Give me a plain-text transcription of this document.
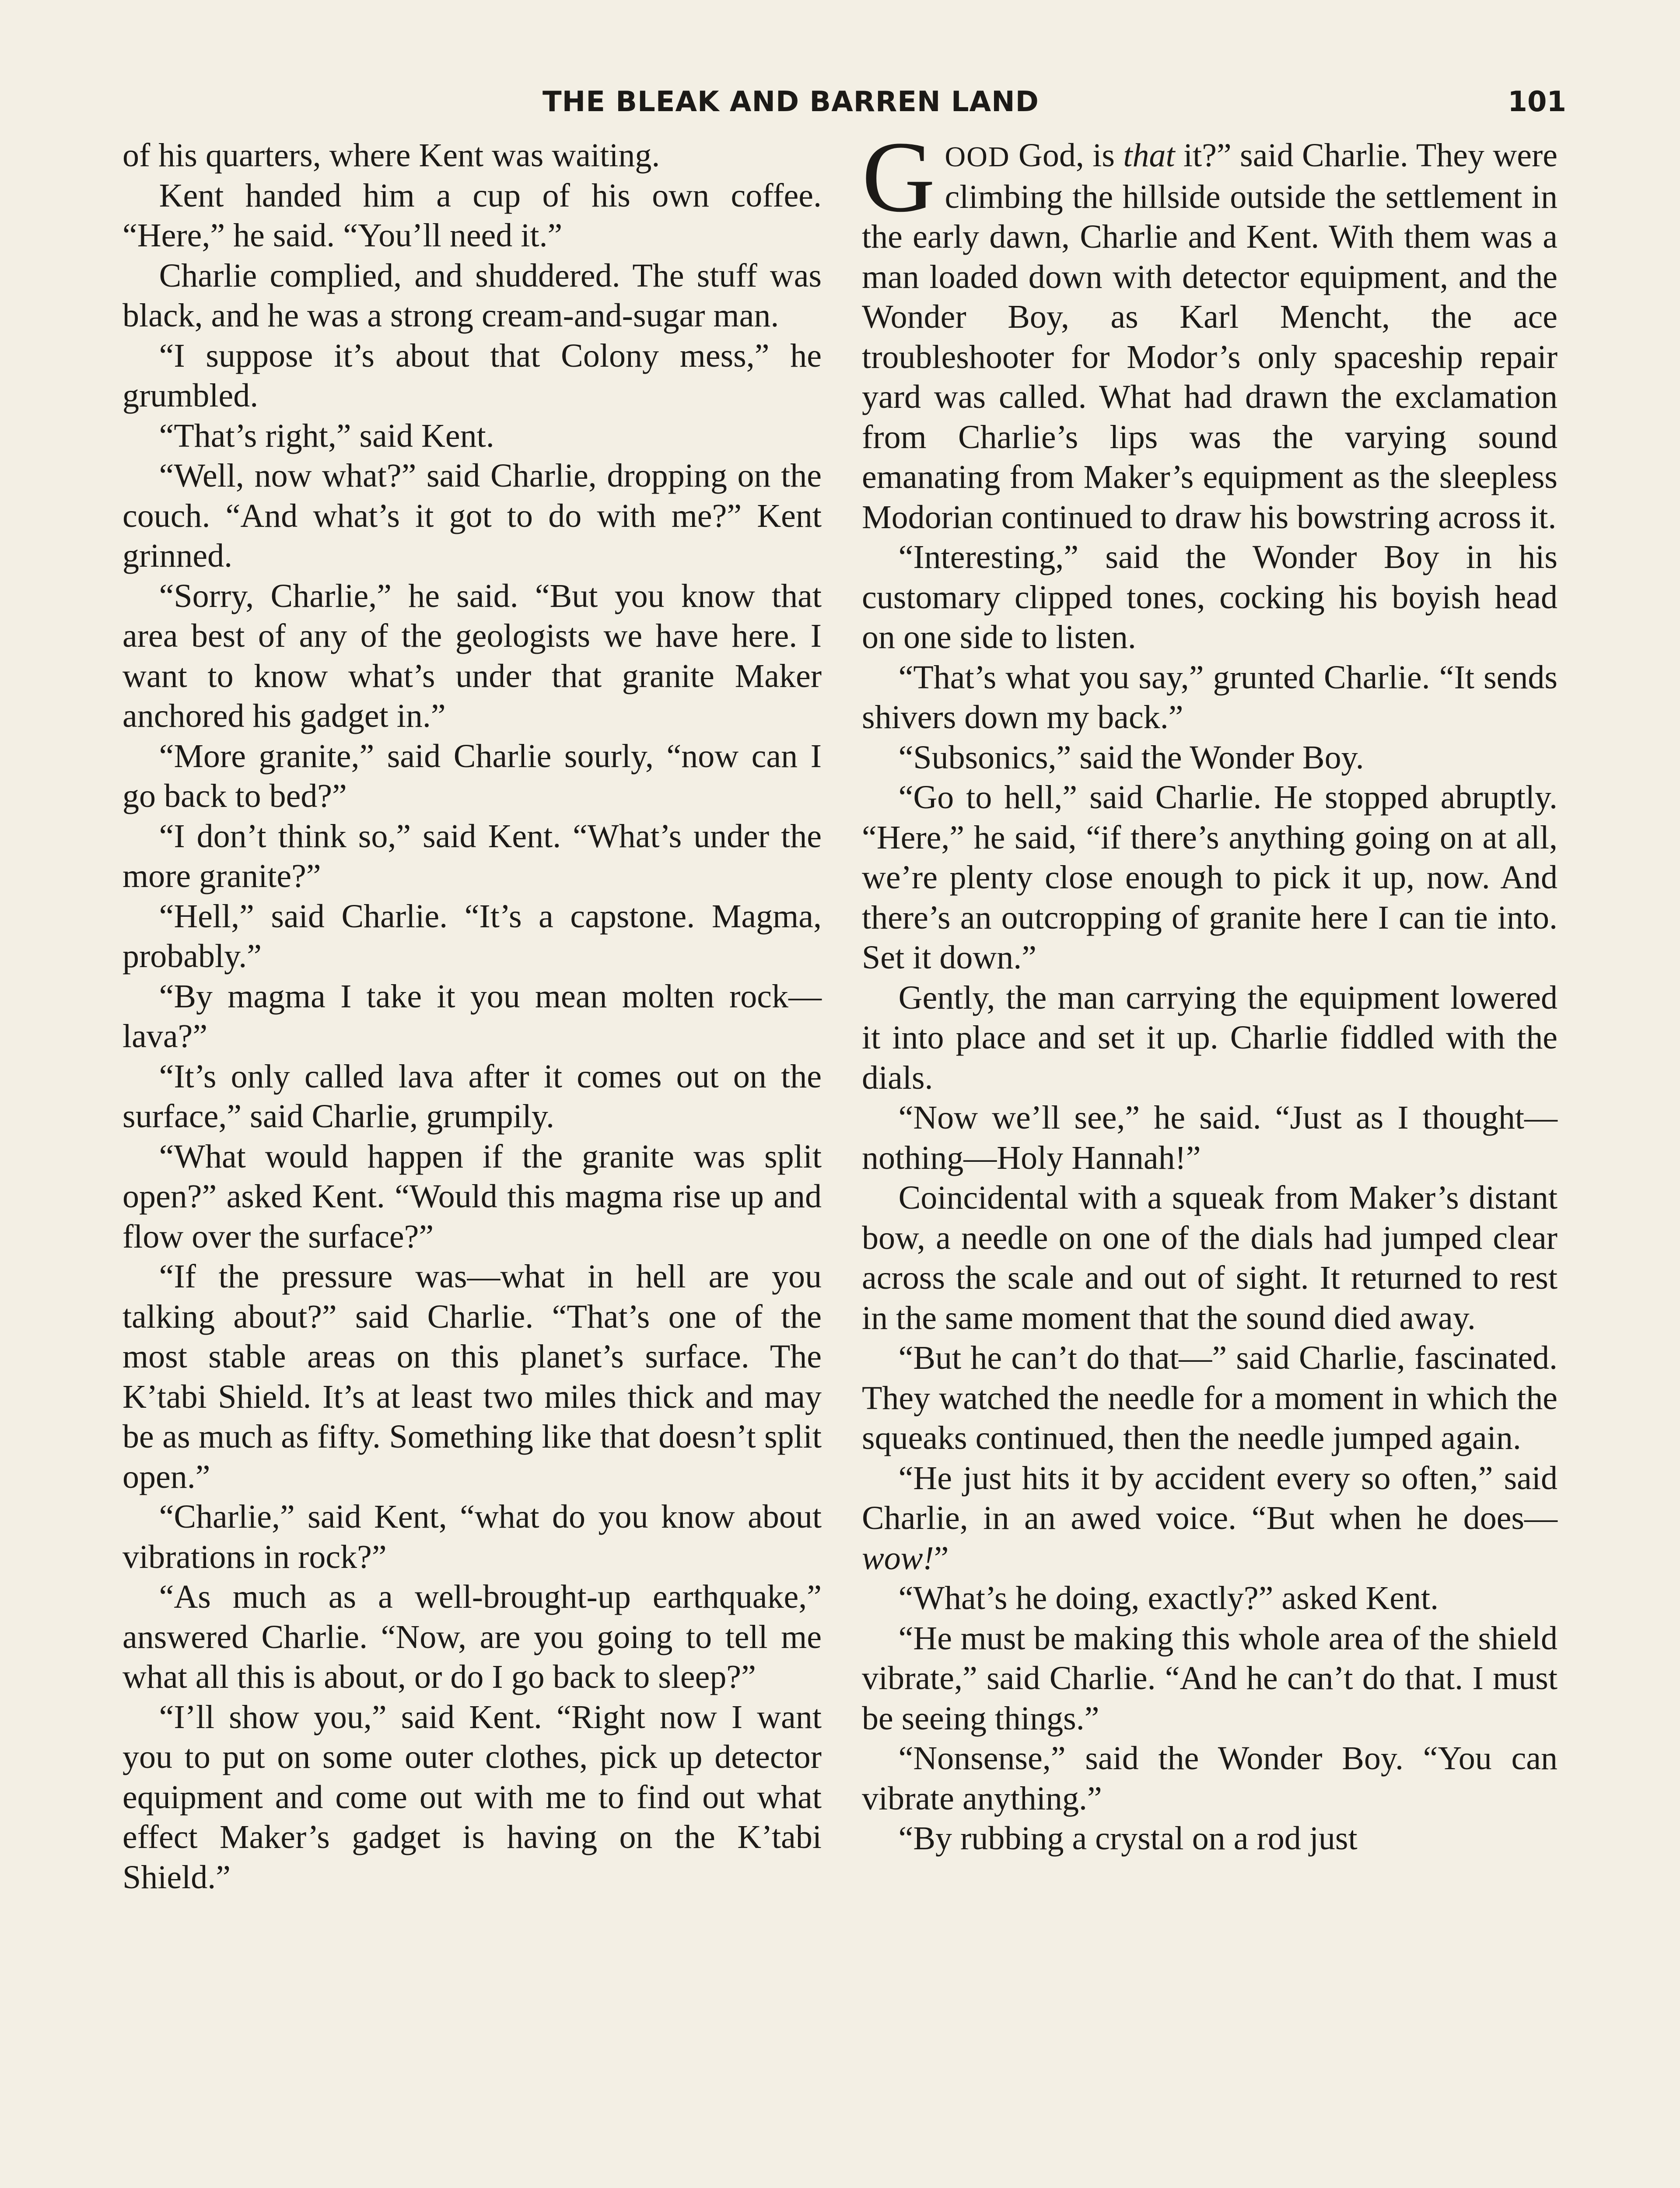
THE BLEAK AND BARREN LAND	101

of his quarters, where Kent was waiting.

Kent handed him a cup of his own coffee. “Here,” he said. “You’ll need it.”

Charlie complied, and shuddered. The stuff was black, and he was a strong cream-and-sugar man.

“I suppose it’s about that Colony mess,” he grumbled.

“That’s right,” said Kent.

“Well, now what?” said Charlie, dropping on the couch. “And what’s it got to do with me?” Kent grinned.

“Sorry, Charlie,” he said. “But you know that area best of any of the geologists we have here. I want to know what’s under that granite Maker anchored his gadget in.”

“More granite,” said Charlie sourly, “now can I go back to bed?”

“I don’t think so,” said Kent. “What’s under the more granite?”

“Hell,” said Charlie. “It’s a capstone. Magma, probably.”

“By magma I take it you mean molten rock—lava?”

“It’s only called lava after it comes out on the surface,” said Charlie, grumpily.

“What would happen if the granite was split open?” asked Kent. “Would this magma rise up and flow over the surface?”

“If the pressure was—what in hell are you talking about?” said Charlie. “That’s one of the most stable areas on this planet’s surface. The K’tabi Shield. It’s at least two miles thick and may be as much as fifty. Something like that doesn’t split open.”

“Charlie,” said Kent, “what do you know about vibrations in rock?”

“As much as a well-brought-up earthquake,” answered Charlie. “Now, are you going to tell me what all this is about, or do I go back to sleep?”

“I’ll show you,” said Kent. “Right now I want you to put on some outer clothes, pick up detector equipment and come out with me to find out what effect Maker’s gadget is having on the K’tabi Shield.”

GOOD God, is that it?” said Charlie. They were climbing the hillside outside the settlement in the early dawn, Charlie and Kent. With them was a man loaded down with detector equipment, and the Wonder Boy, as Karl Mencht, the ace troubleshooter for Modor’s only spaceship repair yard was called. What had drawn the exclamation from Charlie’s lips was the varying sound emanating from Maker’s equipment as the sleepless Modorian continued to draw his bowstring across it.

“Interesting,” said the Wonder Boy in his customary clipped tones, cocking his boyish head on one side to listen.

“That’s what you say,” grunted Charlie. “It sends shivers down my back.”

“Subsonics,” said the Wonder Boy.

“Go to hell,” said Charlie. He stopped abruptly. “Here,” he said, “if there’s anything going on at all, we’re plenty close enough to pick it up, now. And there’s an outcropping of granite here I can tie into. Set it down.”

Gently, the man carrying the equipment lowered it into place and set it up. Charlie fiddled with the dials.

“Now we’ll see,” he said. “Just as I thought—nothing—Holy Hannah!”

Coincidental with a squeak from Maker’s distant bow, a needle on one of the dials had jumped clear across the scale and out of sight. It returned to rest in the same moment that the sound died away.

“But he can’t do that—” said Charlie, fascinated. They watched the needle for a moment in which the squeaks continued, then the needle jumped again.

“He just hits it by accident every so often,” said Charlie, in an awed voice. “But when he does—wow!”

“What’s he doing, exactly?” asked Kent.

“He must be making this whole area of the shield vibrate,” said Charlie. “And he can’t do that. I must be seeing things.”

“Nonsense,” said the Wonder Boy. “You can vibrate anything.”

“By rubbing a crystal on a rod just
